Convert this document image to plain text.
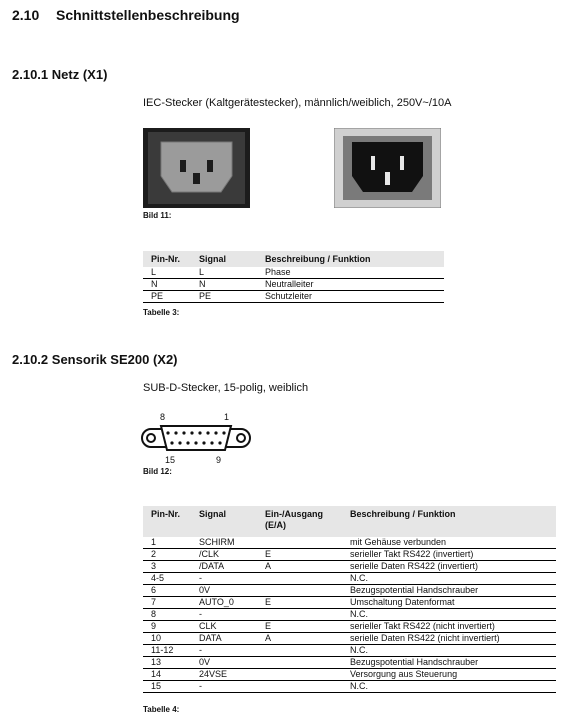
2.10 Schnittstellenbeschreibung
2.10.1 Netz (X1)
IEC-Stecker (Kaltgerätestecker), männlich/weiblich, 250V~/10A
Bild 11:
Pin-Nr.	Signal	Beschreibung / Funktion
L	L	Phase
N	N	Neutralleiter
PE	PE	Schutzleiter
Tabelle 3:
2.10.2 Sensorik SE200 (X2)
SUB-D-Stecker, 15-polig, weiblich
8	1
15	9
Bild 12:
Pin-Nr.	Signal	Ein-/Ausgang (E/A)	Beschreibung / Funktion
1	SCHIRM		mit Gehäuse verbunden
2	/CLK	E	serieller Takt RS422 (invertiert)
3	/DATA	A	serielle Daten RS422 (invertiert)
4-5	-		N.C.
6	0V		Bezugspotential Handschrauber
7	AUTO_0	E	Umschaltung Datenformat
8	-		N.C.
9	CLK	E	serieller Takt RS422 (nicht invertiert)
10	DATA	A	serielle Daten RS422 (nicht invertiert)
11-12	-		N.C.
13	0V		Bezugspotential Handschrauber
14	24VSE		Versorgung aus Steuerung
15	-		N.C.
Tabelle 4:
